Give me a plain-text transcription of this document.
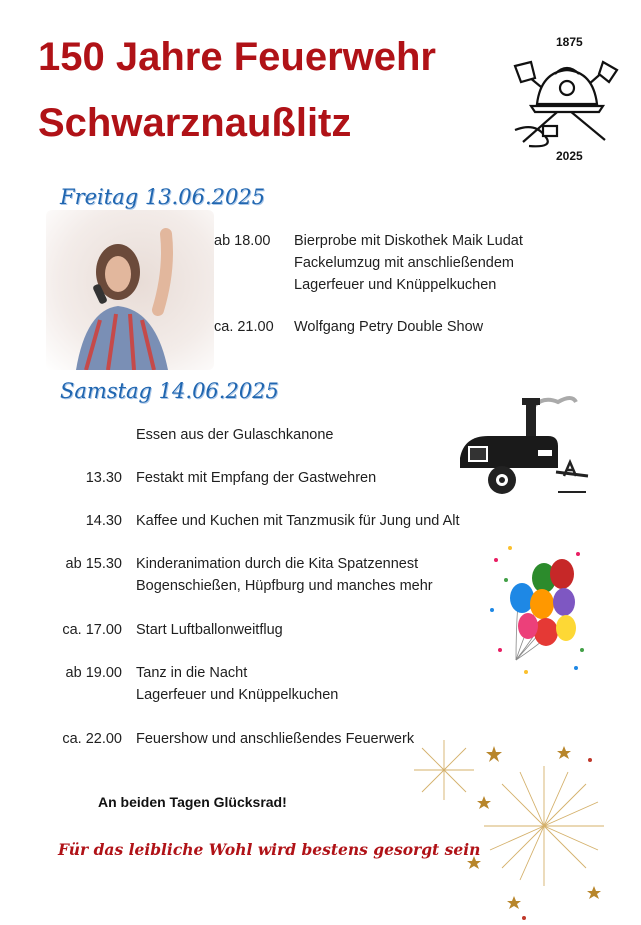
150 Jahre Feuerwehr
Schwarznaußlitz
1875
2025
Freitag 13.06.2025
ab 18.00 Bierprobe mit Diskothek Maik Ludat
Fackelumzug mit anschließendem
Lagerfeuer und Knüppelkuchen
ca. 21.00 Wolfgang Petry Double Show
Samstag 14.06.2025
Essen aus der Gulaschkanone
13.30 Festakt mit Empfang der Gastwehren
14.30 Kaffee und Kuchen mit Tanzmusik für Jung und Alt
ab 15.30 Kinderanimation durch die Kita Spatzennest
Bogenschießen, Hüpfburg und manches mehr
ca. 17.00 Start Luftballonweitflug
ab 19.00 Tanz in die Nacht
Lagerfeuer und Knüppelkuchen
ca. 22.00 Feuershow und anschließendes Feuerwerk
An beiden Tagen Glücksrad!
Für das leibliche Wohl wird bestens gesorgt sein
